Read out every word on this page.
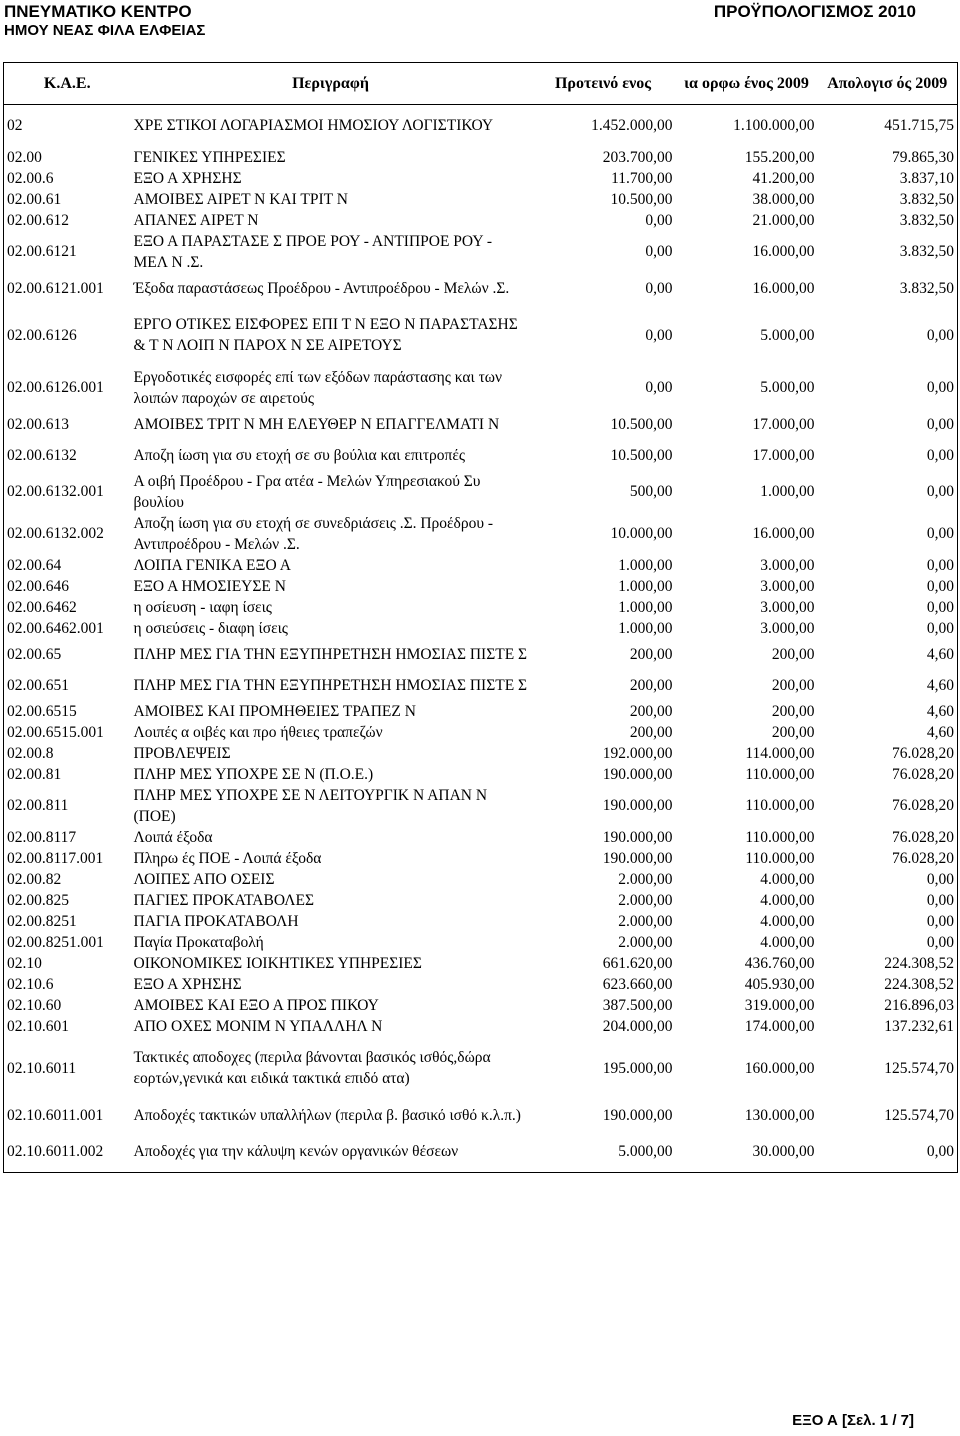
ΠΝΕΥΜΑΤΙΚΟ ΚΕΝΤΡΟ
ΗΜΟΥ ΝΕΑΣ ΦΙΛΑ ΕΛΦΕΙΑΣ
ΠΡΟΫΠΟΛΟΓΙΣΜΟΣ 2010
Κ.Α.Ε.	Περιγραφή	Προτεινό ενος	ια ορφω ένος 2009	Απολογισ ός 2009
02	ΧΡΕ ΣΤΙΚΟΙ ΛΟΓΑΡΙΑΣΜΟΙ ΗΜΟΣΙΟΥ ΛΟΓΙΣΤΙΚΟΥ	1.452.000,00	1.100.000,00	451.715,75
02.00	ΓΕΝΙΚΕΣ ΥΠΗΡΕΣΙΕΣ	203.700,00	155.200,00	79.865,30
02.00.6	ΕΞΟ Α ΧΡΗΣΗΣ	11.700,00	41.200,00	3.837,10
02.00.61	ΑΜΟΙΒΕΣ ΑΙΡΕΤ Ν ΚΑΙ ΤΡΙΤ Ν	10.500,00	38.000,00	3.832,50
02.00.612	ΑΠΑΝΕΣ ΑΙΡΕΤ Ν	0,00	21.000,00	3.832,50
02.00.6121	ΕΞΟ Α ΠΑΡΑΣΤΑΣΕ Σ ΠΡΟΕ ΡΟΥ - ΑΝΤΙΠΡΟΕ ΡΟΥ - ΜΕΛ Ν .Σ.	0,00	16.000,00	3.832,50
02.00.6121.001	Έξοδα παραστάσεως Προέδρου - Αντιπροέδρου - Μελών .Σ.	0,00	16.000,00	3.832,50
02.00.6126	ΕΡΓΟ ΟΤΙΚΕΣ ΕΙΣΦΟΡΕΣ ΕΠΙ Τ Ν ΕΞΟ Ν ΠΑΡΑΣΤΑΣΗΣ & Τ Ν ΛΟΙΠ Ν ΠΑΡΟΧ Ν ΣΕ ΑΙΡΕΤΟΥΣ	0,00	5.000,00	0,00
02.00.6126.001	Εργοδοτικές εισφορές επί των εξόδων παράστασης και των λοιπών παροχών σε αιρετούς	0,00	5.000,00	0,00
02.00.613	ΑΜΟΙΒΕΣ ΤΡΙΤ Ν ΜΗ ΕΛΕΥΘΕΡ Ν ΕΠΑΓΓΕΛΜΑΤΙ Ν	10.500,00	17.000,00	0,00
02.00.6132	Αποζη ίωση για συ ετοχή σε συ βούλια και επιτροπές	10.500,00	17.000,00	0,00
02.00.6132.001	Α οιβή Προέδρου - Γρα ατέα - Μελών Υπηρεσιακού Συ βουλίου	500,00	1.000,00	0,00
02.00.6132.002	Αποζη ίωση για συ ετοχή σε συνεδριάσεις .Σ. Προέδρου - Αντιπροέδρου - Μελών .Σ.	10.000,00	16.000,00	0,00
02.00.64	ΛΟΙΠΑ ΓΕΝΙΚΑ ΕΞΟ Α	1.000,00	3.000,00	0,00
02.00.646	ΕΞΟ Α ΗΜΟΣΙΕΥΣΕ Ν	1.000,00	3.000,00	0,00
02.00.6462	η οσίευση - ιαφη ίσεις	1.000,00	3.000,00	0,00
02.00.6462.001	η οσιεύσεις - διαφη ίσεις	1.000,00	3.000,00	0,00
02.00.65	ΠΛΗΡ ΜΕΣ ΓΙΑ ΤΗΝ ΕΞΥΠΗΡΕΤΗΣΗ ΗΜΟΣΙΑΣ ΠΙΣΤΕ Σ	200,00	200,00	4,60
02.00.651	ΠΛΗΡ ΜΕΣ ΓΙΑ ΤΗΝ ΕΞΥΠΗΡΕΤΗΣΗ ΗΜΟΣΙΑΣ ΠΙΣΤΕ Σ	200,00	200,00	4,60
02.00.6515	ΑΜΟΙΒΕΣ ΚΑΙ ΠΡΟΜΗΘΕΙΕΣ ΤΡΑΠΕΖ Ν	200,00	200,00	4,60
02.00.6515.001	Λοιπές α οιβές και προ ήθειες τραπεζών	200,00	200,00	4,60
02.00.8	ΠΡΟΒΛΕΨΕΙΣ	192.000,00	114.000,00	76.028,20
02.00.81	ΠΛΗΡ ΜΕΣ ΥΠΟΧΡΕ ΣΕ Ν (Π.Ο.Ε.)	190.000,00	110.000,00	76.028,20
02.00.811	ΠΛΗΡ ΜΕΣ ΥΠΟΧΡΕ ΣΕ Ν ΛΕΙΤΟΥΡΓΙΚ Ν ΑΠΑΝ Ν (ΠΟΕ)	190.000,00	110.000,00	76.028,20
02.00.8117	Λοιπά έξοδα	190.000,00	110.000,00	76.028,20
02.00.8117.001	Πληρω ές ΠΟΕ - Λοιπά έξοδα	190.000,00	110.000,00	76.028,20
02.00.82	ΛΟΙΠΕΣ ΑΠΟ ΟΣΕΙΣ	2.000,00	4.000,00	0,00
02.00.825	ΠΑΓΙΕΣ ΠΡΟΚΑΤΑΒΟΛΕΣ	2.000,00	4.000,00	0,00
02.00.8251	ΠΑΓΙΑ ΠΡΟΚΑΤΑΒΟΛΗ	2.000,00	4.000,00	0,00
02.00.8251.001	Παγία Προκαταβολή	2.000,00	4.000,00	0,00
02.10	ΟΙΚΟΝΟΜΙΚΕΣ ΙΟΙΚΗΤΙΚΕΣ ΥΠΗΡΕΣΙΕΣ	661.620,00	436.760,00	224.308,52
02.10.6	ΕΞΟ Α ΧΡΗΣΗΣ	623.660,00	405.930,00	224.308,52
02.10.60	ΑΜΟΙΒΕΣ ΚΑΙ ΕΞΟ Α ΠΡΟΣ ΠΙΚΟΥ	387.500,00	319.000,00	216.896,03
02.10.601	ΑΠΟ ΟΧΕΣ ΜΟΝΙΜ Ν ΥΠΑΛΛΗΛ Ν	204.000,00	174.000,00	137.232,61
02.10.6011	Τακτικές αποδοχες (περιλα βάνονται βασικός ισθός,δώρα εορτών,γενικά και ειδικά τακτικά επιδό ατα)	195.000,00	160.000,00	125.574,70
02.10.6011.001	Αποδοχές τακτικών υπαλλήλων (περιλα β. βασικό ισθό κ.λ.π.)	190.000,00	130.000,00	125.574,70
02.10.6011.002	Αποδοχές για την κάλυψη κενών οργανικών θέσεων	5.000,00	30.000,00	0,00
ΕΞΟ Α [Σελ. 1 / 7]
